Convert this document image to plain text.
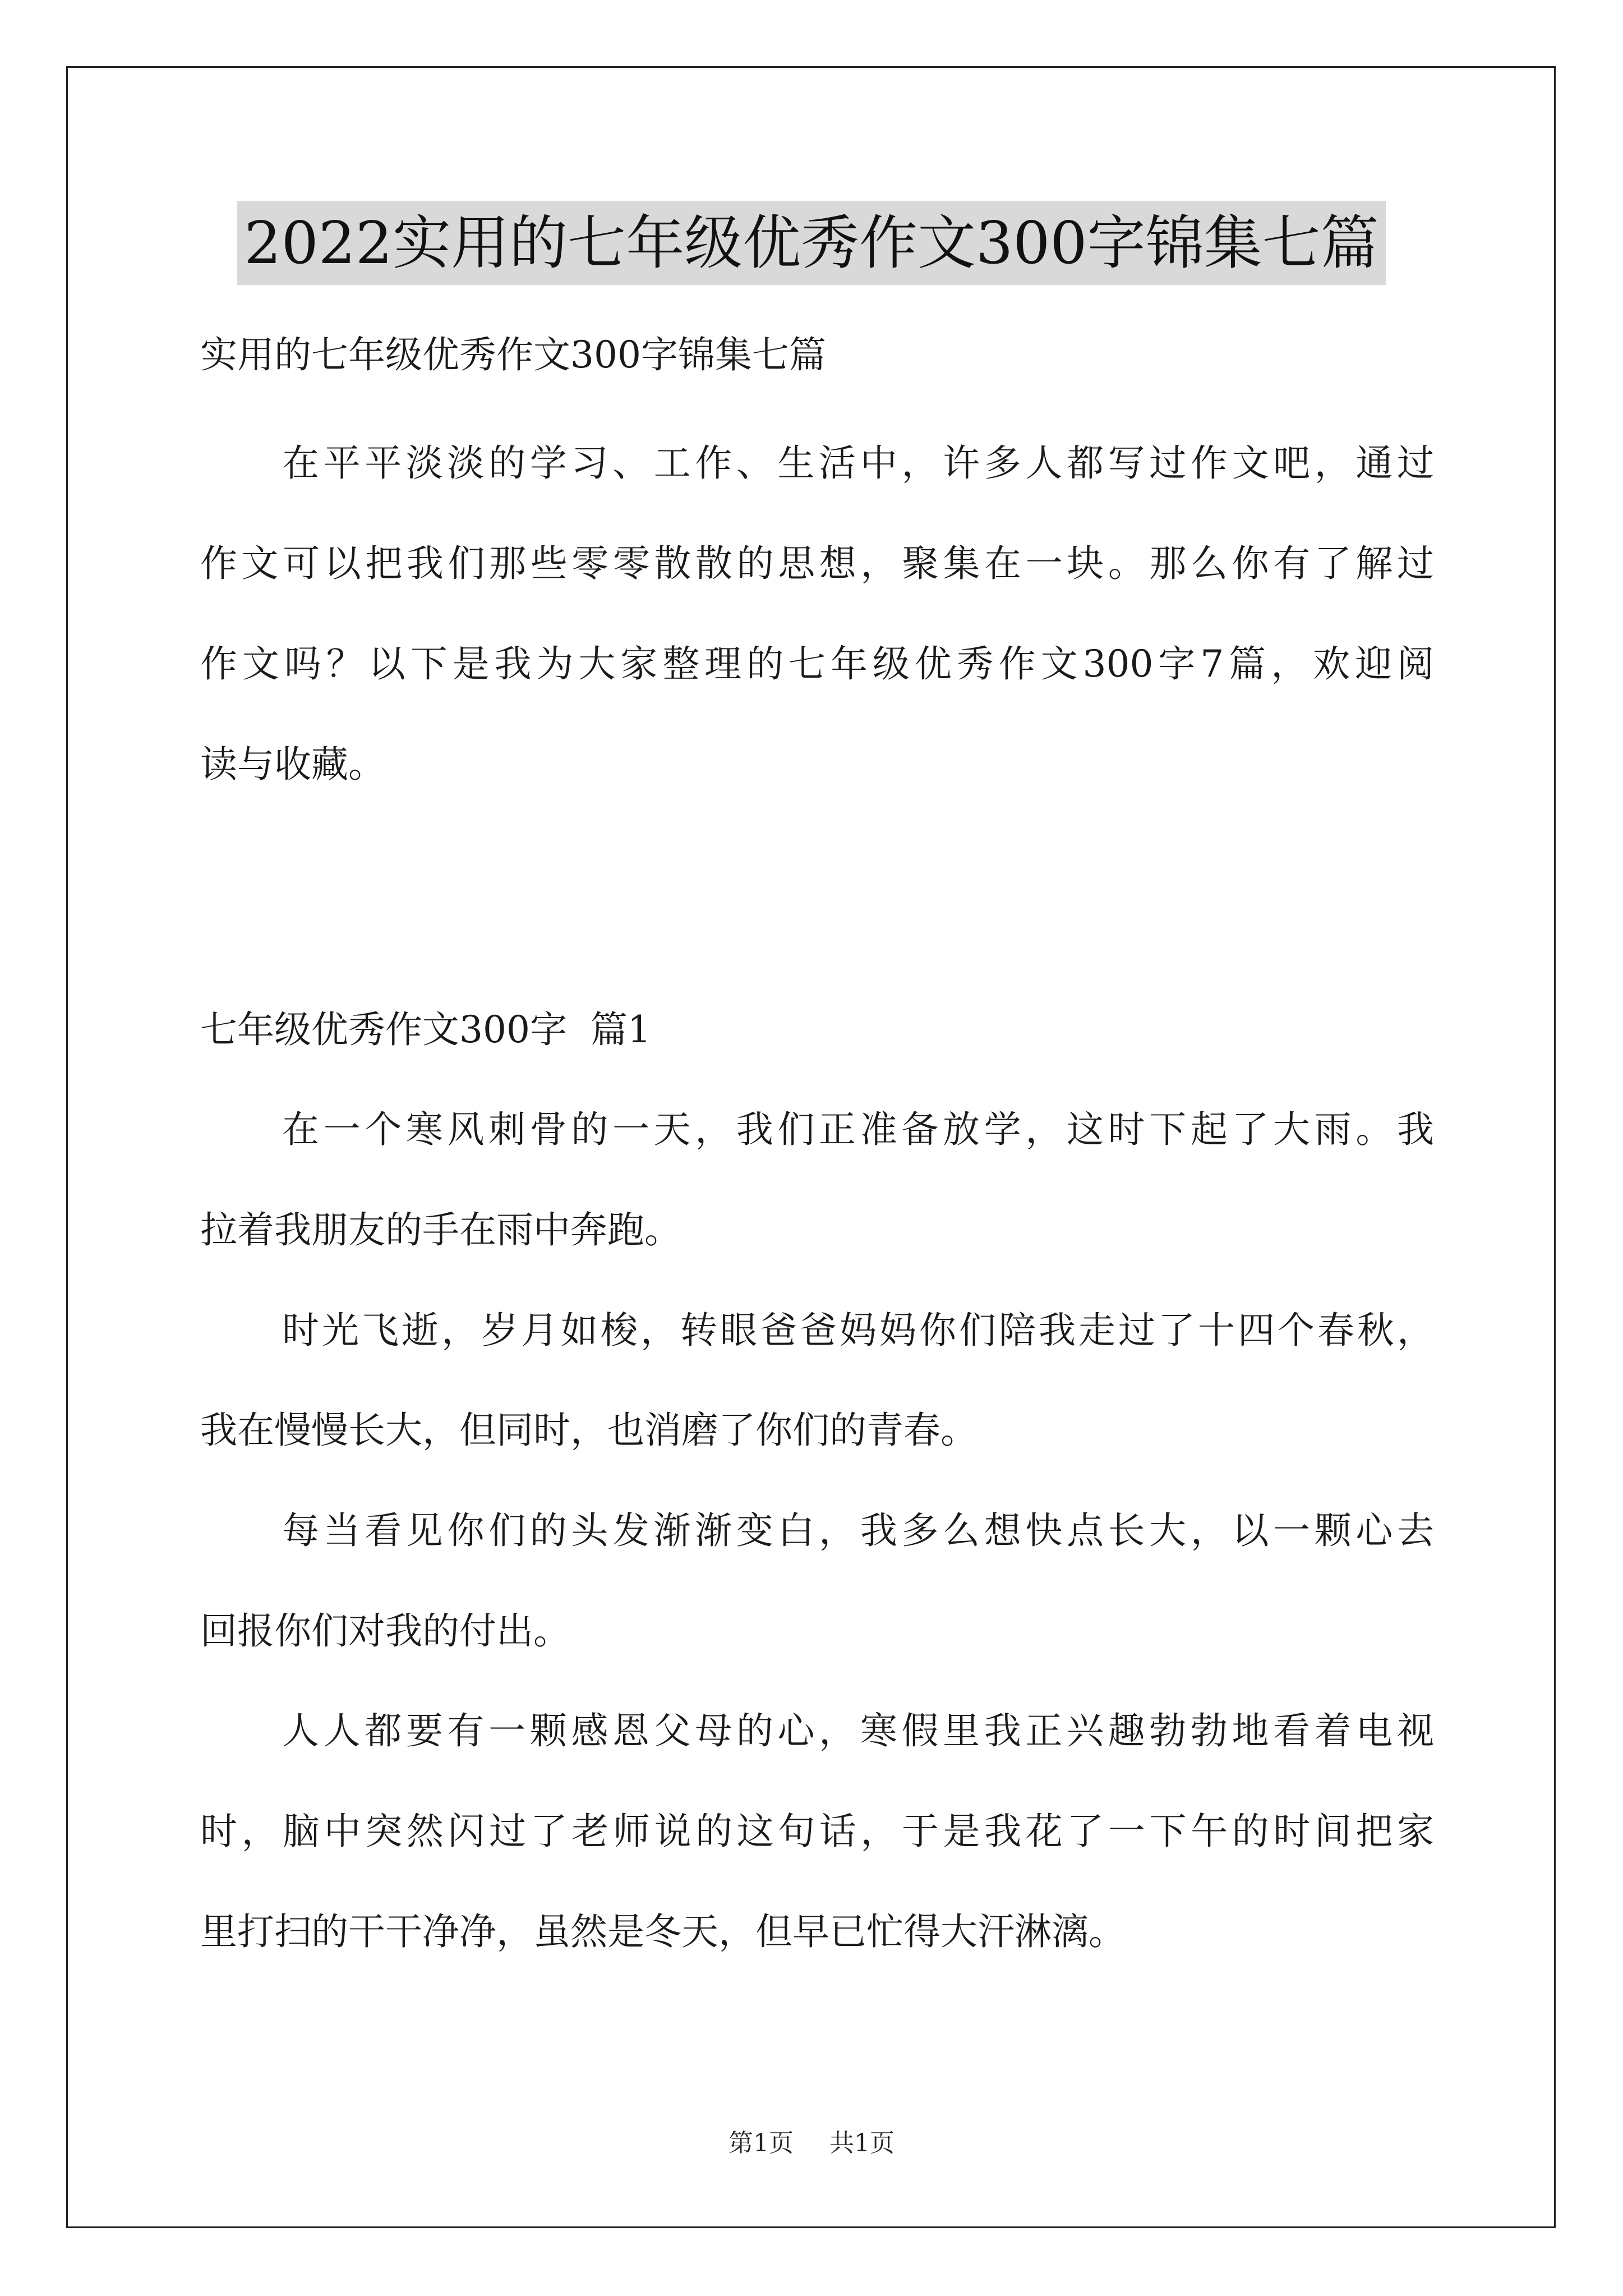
2022实用的七年级优秀作文300字锦集七篇
实用的七年级优秀作文300字锦集七篇
在平平淡淡的学习、工作、生活中，许多人都写过作文吧，通过
作文可以把我们那些零零散散的思想，聚集在一块。那么你有了解过
作文吗？以下是我为大家整理的七年级优秀作文300字7篇，欢迎阅
读与收藏。
七年级优秀作文300字  篇1
在一个寒风刺骨的一天，我们正准备放学，这时下起了大雨。我
拉着我朋友的手在雨中奔跑。
时光飞逝，岁月如梭，转眼爸爸妈妈你们陪我走过了十四个春秋，
我在慢慢长大，但同时，也消磨了你们的青春。
每当看见你们的头发渐渐变白，我多么想快点长大，以一颗心去
回报你们对我的付出。
人人都要有一颗感恩父母的心，寒假里我正兴趣勃勃地看着电视
时，脑中突然闪过了老师说的这句话，于是我花了一下午的时间把家
里打扫的干干净净，虽然是冬天，但早已忙得大汗淋漓。
第1页 共1页
